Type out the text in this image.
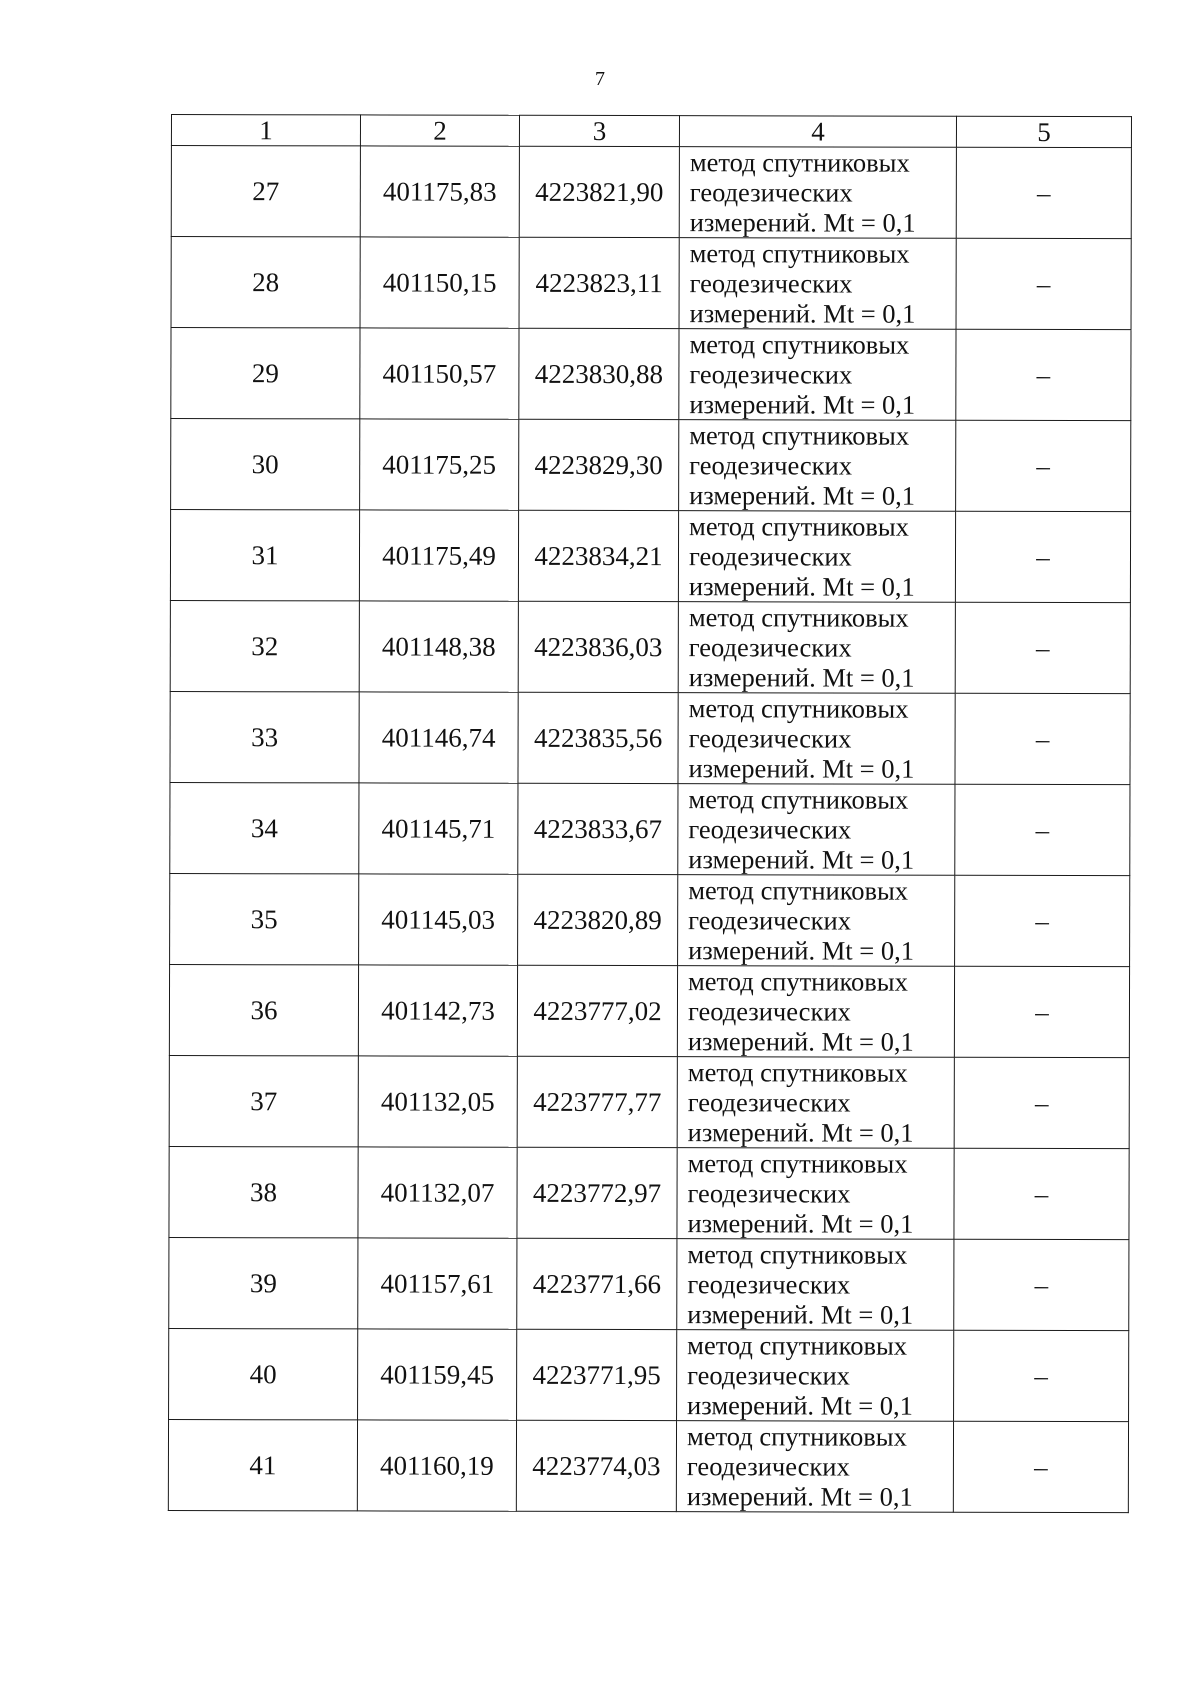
7
1	2	3	4	5
27	401175,83	4223821,90	метод спутниковых
геодезических
измерений. Mt = 0,1	–
28	401150,15	4223823,11	метод спутниковых
геодезических
измерений. Mt = 0,1	–
29	401150,57	4223830,88	метод спутниковых
геодезических
измерений. Mt = 0,1	–
30	401175,25	4223829,30	метод спутниковых
геодезических
измерений. Mt = 0,1	–
31	401175,49	4223834,21	метод спутниковых
геодезических
измерений. Mt = 0,1	–
32	401148,38	4223836,03	метод спутниковых
геодезических
измерений. Mt = 0,1	–
33	401146,74	4223835,56	метод спутниковых
геодезических
измерений. Mt = 0,1	–
34	401145,71	4223833,67	метод спутниковых
геодезических
измерений. Mt = 0,1	–
35	401145,03	4223820,89	метод спутниковых
геодезических
измерений. Mt = 0,1	–
36	401142,73	4223777,02	метод спутниковых
геодезических
измерений. Mt = 0,1	–
37	401132,05	4223777,77	метод спутниковых
геодезических
измерений. Mt = 0,1	–
38	401132,07	4223772,97	метод спутниковых
геодезических
измерений. Mt = 0,1	–
39	401157,61	4223771,66	метод спутниковых
геодезических
измерений. Mt = 0,1	–
40	401159,45	4223771,95	метод спутниковых
геодезических
измерений. Mt = 0,1	–
41	401160,19	4223774,03	метод спутниковых
геодезических
измерений. Mt = 0,1	–
